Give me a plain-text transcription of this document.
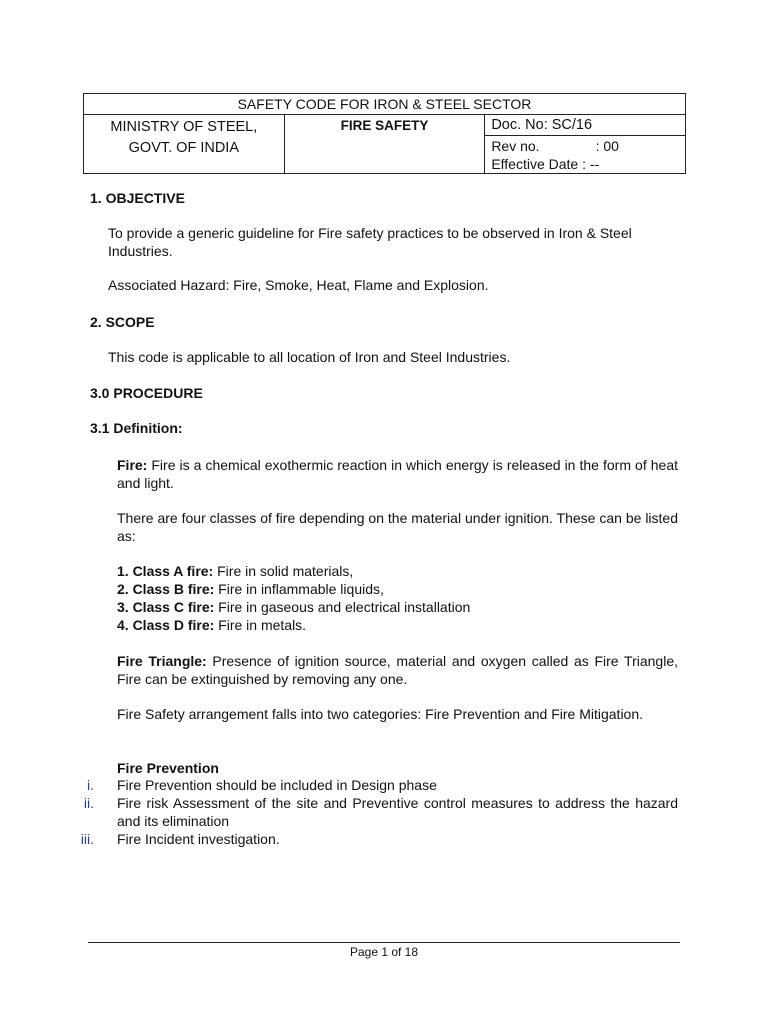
SAFETY CODE FOR IRON & STEEL SECTOR

MINISTRY OF STEEL,
GOVT. OF INDIA
	FIRE SAFETY	Doc. No: SC/16
Rev no.	: 00
Effective Date : --
1. OBJECTIVE
To provide a generic guideline for Fire safety practices to be observed in Iron & Steel Industries.
Associated Hazard: Fire, Smoke, Heat, Flame and Explosion.
2. SCOPE
This code is applicable to all location of Iron and Steel Industries.
3.0 PROCEDURE
3.1 Definition:
Fire: Fire is a chemical exothermic reaction in which energy is released in the form of heat and light.
There are four classes of fire depending on the material under ignition. These can be listed as:
1. Class A fire: Fire in solid materials,
2. Class B fire: Fire in inflammable liquids,
3. Class C fire: Fire in gaseous and electrical installation
4. Class D fire: Fire in metals.
Fire Triangle: Presence of ignition source, material and oxygen called as Fire Triangle, Fire can be extinguished by removing any one.
Fire Safety arrangement falls into two categories: Fire Prevention and Fire Mitigation.
Fire Prevention
i. Fire Prevention should be included in Design phase
ii. Fire risk Assessment of the site and Preventive control measures to address the hazard and its elimination
iii. Fire Incident investigation.
Page 1 of 18
